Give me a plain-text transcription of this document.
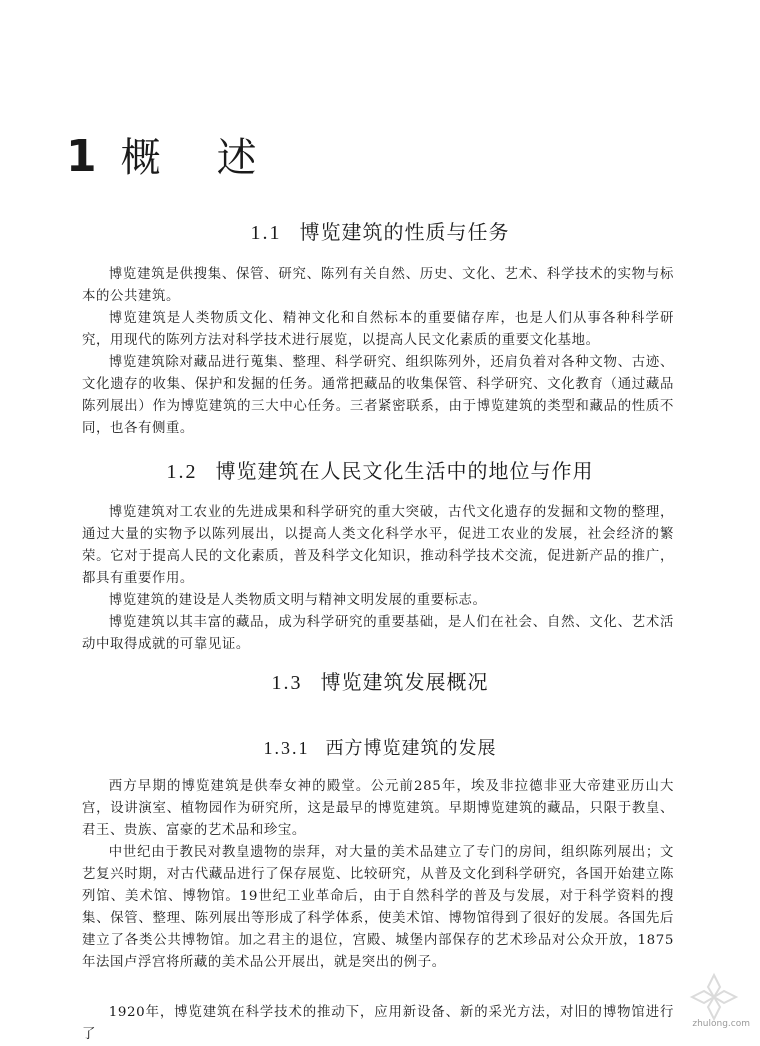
1 概 述
1.1 博览建筑的性质与任务

博览建筑是供搜集、保管、研究、陈列有关自然、历史、文化、艺术、科学技术的实物与标本的公共建筑。

博览建筑是人类物质文化、精神文化和自然标本的重要储存库，也是人们从事各种科学研究，用现代的陈列方法对科学技术进行展览，以提高人民文化素质的重要文化基地。

博览建筑除对藏品进行蒐集、整理、科学研究、组织陈列外，还肩负着对各种文物、古迹、文化遗存的收集、保护和发掘的任务。通常把藏品的收集保管、科学研究、文化教育（通过藏品陈列展出）作为博览建筑的三大中心任务。三者紧密联系，由于博览建筑的类型和藏品的性质不同，也各有侧重。

1.2 博览建筑在人民文化生活中的地位与作用

博览建筑对工农业的先进成果和科学研究的重大突破，古代文化遗存的发掘和文物的整理，通过大量的实物予以陈列展出，以提高人类文化科学水平，促进工农业的发展，社会经济的繁荣。它对于提高人民的文化素质，普及科学文化知识，推动科学技术交流，促进新产品的推广，都具有重要作用。

博览建筑的建设是人类物质文明与精神文明发展的重要标志。

博览建筑以其丰富的藏品，成为科学研究的重要基础，是人们在社会、自然、文化、艺术活动中取得成就的可靠见证。

1.3 博览建筑发展概况
1.3.1 西方博览建筑的发展

西方早期的博览建筑是供奉女神的殿堂。公元前285年，埃及非拉德非亚大帝建亚历山大宫，设讲演室、植物园作为研究所，这是最早的博览建筑。早期博览建筑的藏品，只限于教皇、君王、贵族、富豪的艺术品和珍宝。

中世纪由于教民对教皇遗物的崇拜，对大量的美术品建立了专门的房间，组织陈列展出；文艺复兴时期，对古代藏品进行了保存展览、比较研究，从普及文化到科学研究，各国开始建立陈列馆、美术馆、博物馆。19世纪工业革命后，由于自然科学的普及与发展，对于科学资料的搜集、保管、整理、陈列展出等形成了科学体系，使美术馆、博物馆得到了很好的发展。各国先后建立了各类公共博物馆。加之君主的退位，宫殿、城堡内部保存的艺术珍品对公众开放，1875年法国卢浮宫将所藏的美术品公开展出，就是突出的例子。

1920年，博览建筑在科学技术的推动下，应用新设备、新的采光方法，对旧的博物馆进行了

zhulong.com
